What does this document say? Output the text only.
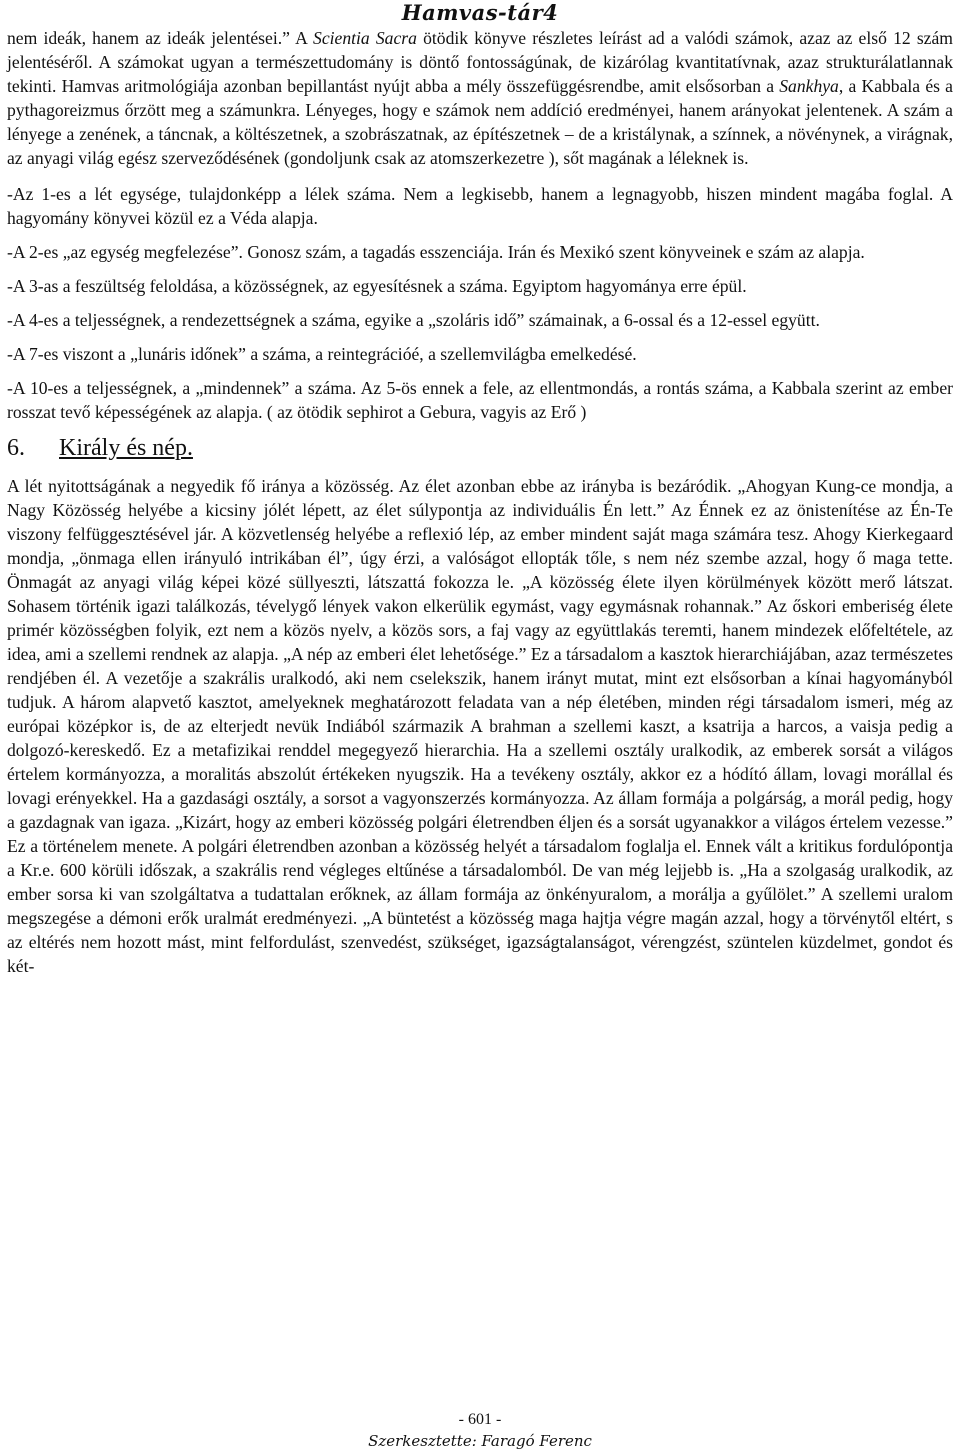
Hamvas-tár4

nem ideák, hanem az ideák jelentései.” A Scientia Sacra ötödik könyve részletes leírást ad a valódi számok, azaz az első 12 szám jelentéséről. A számokat ugyan a természettudomány is döntő fontosságúnak, de kizárólag kvantitatívnak, azaz strukturálatlannak tekinti. Hamvas aritmológiája azonban bepillantást nyújt abba a mély összefüggésrendbe, amit elsősorban a Sankhya, a Kabbala és a pythagoreizmus őrzött meg a számunkra. Lényeges, hogy e számok nem addíció eredményei, hanem arányokat jelentenek. A szám a lényege a zenének, a táncnak, a költészetnek, a szobrászatnak, az építészetnek – de a kristálynak, a színnek, a növénynek, a virágnak, az anyagi világ egész szerveződésének (gondoljunk csak az atomszerkezetre ), sőt magának a léleknek is.

-Az 1-es a lét egysége, tulajdonképp a lélek száma. Nem a legkisebb, hanem a legnagyobb, hiszen mindent magába foglal. A hagyomány könyvei közül ez a Véda alapja.

-A 2-es „az egység megfelezése”. Gonosz szám, a tagadás esszenciája. Irán és Mexikó szent könyveinek e szám az alapja.

-A 3-as a feszültség feloldása, a közösségnek, az egyesítésnek a száma. Egyiptom hagyománya erre épül.

-A 4-es a teljességnek, a rendezettségnek a száma, egyike a „szoláris idő” számainak, a 6-ossal és a 12-essel együtt.

-A 7-es viszont a „lunáris időnek” a száma, a reintegrációé, a szellemvilágba emelkedésé.

-A 10-es a teljességnek, a „mindennek” a száma. Az 5-ös ennek a fele, az ellentmondás, a rontás száma, a Kabbala szerint az ember rosszat tevő képességének az alapja. ( az ötödik sephirot a Gebura, vagyis az Erő )

6. Király és nép.

A lét nyitottságának a negyedik fő iránya a közösség. Az élet azonban ebbe az irányba is bezáródik. „Ahogyan Kung-ce mondja, a Nagy Közösség helyébe a kicsiny jólét lépett, az élet súlypontja az individuális Én lett.” Az Énnek ez az önistenítése az Én-Te viszony felfüggesztésével jár. A közvetlenség helyébe a reflexió lép, az ember mindent saját maga számára tesz. Ahogy Kierkegaard mondja, „önmaga ellen irányuló intrikában él”, úgy érzi, a valóságot ellopták tőle, s nem néz szembe azzal, hogy ő maga tette. Önmagát az anyagi világ képei közé süllyeszti, látszattá fokozza le. „A közösség élete ilyen körülmények között merő látszat. Sohasem történik igazi találkozás, tévelygő lények vakon elkerülik egymást, vagy egymásnak rohannak.” Az őskori emberiség élete primér közösségben folyik, ezt nem a közös nyelv, a közös sors, a faj vagy az együttlakás teremti, hanem mindezek előfeltétele, az idea, ami a szellemi rendnek az alapja. „A nép az emberi élet lehetősége.” Ez a társadalom a kasztok hierarchiájában, azaz természetes rendjében él. A vezetője a szakrális uralkodó, aki nem cselekszik, hanem irányt mutat, mint ezt elsősorban a kínai hagyományból tudjuk. A három alapvető kasztot, amelyeknek meghatározott feladata van a nép életében, minden régi társadalom ismeri, még az európai középkor is, de az elterjedt nevük Indiából származik A brahman a szellemi kaszt, a ksatrija a harcos, a vaisja pedig a dolgozó-kereskedő. Ez a metafizikai renddel megegyező hierarchia. Ha a szellemi osztály uralkodik, az emberek sorsát a világos értelem kormányozza, a moralitás abszolút értékeken nyugszik. Ha a tevékeny osztály, akkor ez a hódító állam, lovagi morállal és lovagi erényekkel. Ha a gazdasági osztály, a sorsot a vagyonszerzés kormányozza. Az állam formája a polgárság, a morál pedig, hogy a gazdagnak van igaza. „Kizárt, hogy az emberi közösség polgári életrendben éljen és a sorsát ugyanakkor a világos értelem vezesse.” Ez a történelem menete. A polgári életrendben azonban a közösség helyét a társadalom foglalja el. Ennek vált a kritikus fordulópontja a Kr.e. 600 körüli időszak, a szakrális rend végleges eltűnése a társadalomból. De van még lejjebb is. „Ha a szolgaság uralkodik, az ember sorsa ki van szolgáltatva a tudattalan erőknek, az állam formája az önkényuralom, a morálja a gyűlölet.” A szellemi uralom megszegése a démoni erők uralmát eredményezi. „A büntetést a közösség maga hajtja végre magán azzal, hogy a törvénytől eltért, s az eltérés nem hozott mást, mint felfordulást, szenvedést, szükséget, igazságtalanságot, vérengzést, szüntelen küzdelmet, gondot és két-

- 601 -
Szerkesztette: Faragó Ferenc
